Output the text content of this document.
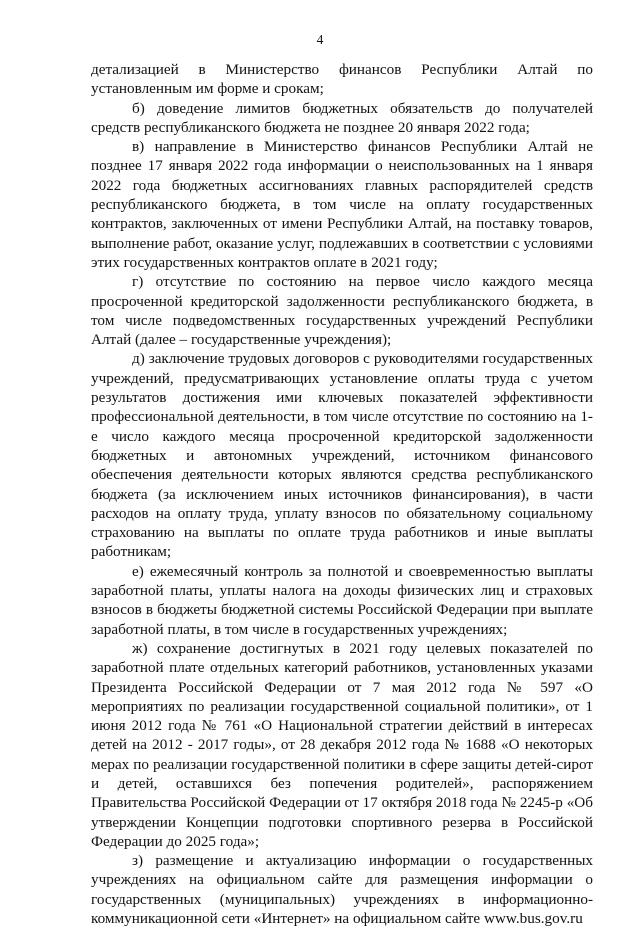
4

детализацией в Министерство финансов Республики Алтай по установленным им форме и срокам;

б) доведение лимитов бюджетных обязательств до получателей средств республиканского бюджета не позднее 20 января 2022 года;

в) направление в Министерство финансов Республики Алтай не позднее 17 января 2022 года информации о неиспользованных на 1 января 2022 года бюджетных ассигнованиях главных распорядителей средств республиканского бюджета, в том числе на оплату государственных контрактов, заключенных от имени Республики Алтай, на поставку товаров, выполнение работ, оказание услуг, подлежавших в соответствии с условиями этих государственных контрактов оплате в 2021 году;

г) отсутствие по состоянию на первое число каждого месяца просроченной кредиторской задолженности республиканского бюджета, в том числе подведомственных государственных учреждений Республики Алтай (далее – государственные учреждения);

д) заключение трудовых договоров с руководителями государственных учреждений, предусматривающих установление оплаты труда с учетом результатов достижения ими ключевых показателей эффективности профессиональной деятельности, в том числе отсутствие по состоянию на 1-е число каждого месяца просроченной кредиторской задолженности бюджетных и автономных учреждений, источником финансового обеспечения деятельности которых являются средства республиканского бюджета (за исключением иных источников финансирования), в части расходов на оплату труда, уплату взносов по обязательному социальному страхованию на выплаты по оплате труда работников и иные выплаты работникам;

е) ежемесячный контроль за полнотой и своевременностью выплаты заработной платы, уплаты налога на доходы физических лиц и страховых взносов в бюджеты бюджетной системы Российской Федерации при выплате заработной платы, в том числе в государственных учреждениях;

ж) сохранение достигнутых в 2021 году целевых показателей по заработной плате отдельных категорий работников, установленных указами Президента Российской Федерации от 7 мая 2012 года № 597 «О мероприятиях по реализации государственной социальной политики», от 1 июня 2012 года № 761 «О Национальной стратегии действий в интересах детей на 2012 - 2017 годы», от 28 декабря 2012 года № 1688 «О некоторых мерах по реализации государственной политики в сфере защиты детей-сирот и детей, оставшихся без попечения родителей», распоряжением Правительства Российской Федерации от 17 октября 2018 года № 2245-р «Об утверждении Концепции подготовки спортивного резерва в Российской Федерации до 2025 года»;

з) размещение и актуализацию информации о государственных учреждениях на официальном сайте для размещения информации о государственных (муниципальных) учреждениях в информационно-коммуникационной сети «Интернет» на официальном сайте www.bus.gov.ru
